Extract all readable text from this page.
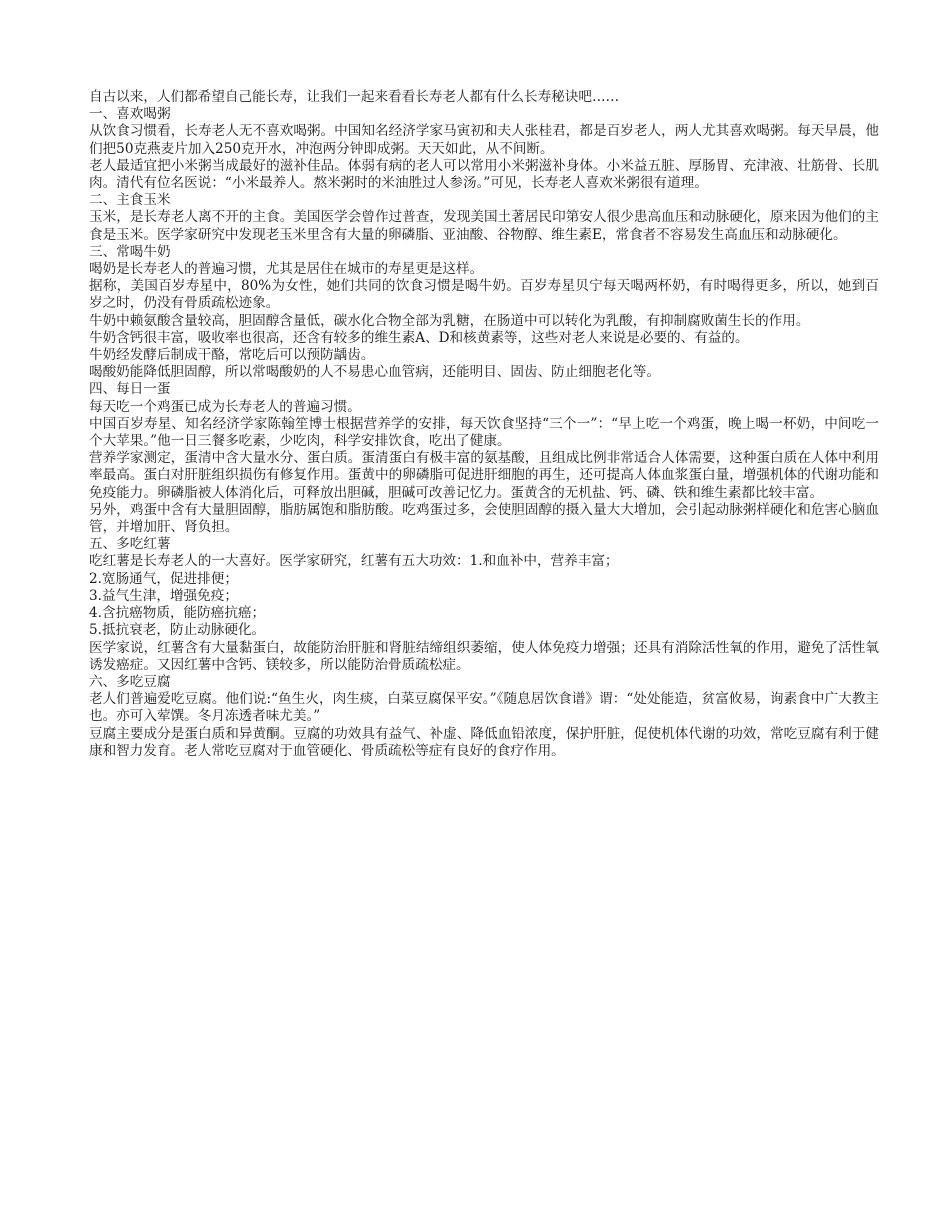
自古以来，人们都希望自己能长寿，让我们一起来看看长寿老人都有什么长寿秘诀吧……

一、喜欢喝粥

从饮食习惯看，长寿老人无不喜欢喝粥。中国知名经济学家马寅初和夫人张桂君，都是百岁老人，两人尤其喜欢喝粥。每天早晨，他们把50克燕麦片加入250克开水，冲泡两分钟即成粥。天天如此，从不间断。

老人最适宜把小米粥当成最好的滋补佳品。体弱有病的老人可以常用小米粥滋补身体。小米益五脏、厚肠胃、充津液、壮筋骨、长肌肉。清代有位名医说：“小米最养人。熬米粥时的米油胜过人参汤。”可见，长寿老人喜欢米粥很有道理。

二、主食玉米

玉米，是长寿老人离不开的主食。美国医学会曾作过普查，发现美国土著居民印第安人很少患高血压和动脉硬化，原来因为他们的主食是玉米。医学家研究中发现老玉米里含有大量的卵磷脂、亚油酸、谷物醇、维生素E，常食者不容易发生高血压和动脉硬化。

三、常喝牛奶

喝奶是长寿老人的普遍习惯，尤其是居住在城市的寿星更是这样。

据称，美国百岁寿星中，80%为女性，她们共同的饮食习惯是喝牛奶。百岁寿星贝宁每天喝两杯奶，有时喝得更多，所以，她到百岁之时，仍没有骨质疏松迹象。

牛奶中赖氨酸含量较高，胆固醇含量低，碳水化合物全部为乳糖，在肠道中可以转化为乳酸，有抑制腐败菌生长的作用。

牛奶含钙很丰富，吸收率也很高，还含有较多的维生素A、D和核黄素等，这些对老人来说是必要的、有益的。

牛奶经发酵后制成干酪，常吃后可以预防龋齿。

喝酸奶能降低胆固醇，所以常喝酸奶的人不易患心血管病，还能明目、固齿、防止细胞老化等。

四、每日一蛋

每天吃一个鸡蛋已成为长寿老人的普遍习惯。

中国百岁寿星、知名经济学家陈翰笙博士根据营养学的安排，每天饮食坚持“三个一”：“早上吃一个鸡蛋，晚上喝一杯奶，中间吃一个大苹果。”他一日三餐多吃素，少吃肉，科学安排饮食，吃出了健康。

营养学家测定，蛋清中含大量水分、蛋白质。蛋清蛋白有极丰富的氨基酸，且组成比例非常适合人体需要，这种蛋白质在人体中利用率最高。蛋白对肝脏组织损伤有修复作用。蛋黄中的卵磷脂可促进肝细胞的再生，还可提高人体血浆蛋白量，增强机体的代谢功能和免疫能力。卵磷脂被人体消化后，可释放出胆碱，胆碱可改善记忆力。蛋黄含的无机盐、钙、磷、铁和维生素都比较丰富。

另外，鸡蛋中含有大量胆固醇，脂肪属饱和脂肪酸。吃鸡蛋过多，会使胆固醇的摄入量大大增加，会引起动脉粥样硬化和危害心脑血管，并增加肝、肾负担。

五、多吃红薯

吃红薯是长寿老人的一大喜好。医学家研究，红薯有五大功效：1.和血补中，营养丰富；

2.宽肠通气，促进排便；

3.益气生津，增强免疫；

4.含抗癌物质，能防癌抗癌；

5.抵抗衰老，防止动脉硬化。

医学家说，红薯含有大量黏蛋白，故能防治肝脏和肾脏结缔组织萎缩，使人体免疫力增强；还具有消除活性氧的作用，避免了活性氧诱发癌症。又因红薯中含钙、镁较多，所以能防治骨质疏松症。

六、多吃豆腐

老人们普遍爱吃豆腐。他们说:“鱼生火，肉生痰，白菜豆腐保平安。”《随息居饮食谱》谓：“处处能造，贫富攸易，询素食中广大教主也。亦可入荤馔。冬月冻透者味尤美。”

豆腐主要成分是蛋白质和异黄酮。豆腐的功效具有益气、补虚、降低血铅浓度，保护肝脏，促使机体代谢的功效，常吃豆腐有利于健康和智力发育。老人常吃豆腐对于血管硬化、骨质疏松等症有良好的食疗作用。
